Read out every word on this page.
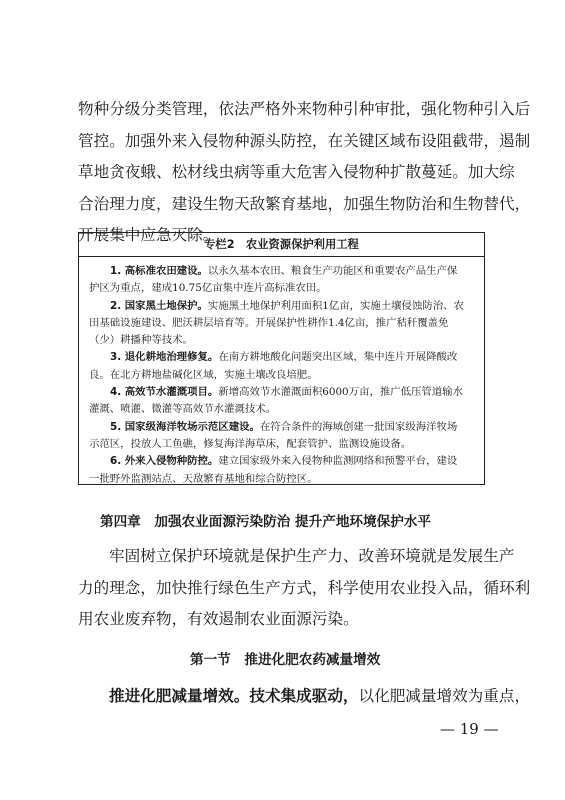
物种分级分类管理，依法严格外来物种引种审批，强化物种引入后
管控。加强外来入侵物种源头防控，在关键区域布设阻截带，遏制
草地贪夜蛾、松材线虫病等重大危害入侵物种扩散蔓延。加大综
合治理力度，建设生物天敌繁育基地，加强生物防治和生物替代，
开展集中应急灭除。
专栏2　农业资源保护利用工程
1. 高标准农田建设。以永久基本农田、粮食生产功能区和重要农产品生产保
护区为重点，建成10.75亿亩集中连片高标准农田。
2. 国家黑土地保护。实施黑土地保护利用面积1亿亩，实施土壤侵蚀防治、农
田基础设施建设、肥沃耕层培育等。开展保护性耕作1.4亿亩，推广秸秆覆盖免
（少）耕播种等技术。
3. 退化耕地治理修复。在南方耕地酸化问题突出区域，集中连片开展降酸改
良。在北方耕地盐碱化区域，实施土壤改良培肥。
4. 高效节水灌溉项目。新增高效节水灌溉面积6000万亩，推广低压管道输水
灌溉、喷灌、微灌等高效节水灌溉技术。
5. 国家级海洋牧场示范区建设。在符合条件的海域创建一批国家级海洋牧场
示范区，投放人工鱼礁，修复海洋海草床，配套管护、监测设施设备。
6. 外来入侵物种防控。建立国家级外来入侵物种监测网络和预警平台，建设
一批野外监测站点、天敌繁育基地和综合防控区。
第四章　加强农业面源污染防治 提升产地环境保护水平
牢固树立保护环境就是保护生产力、改善环境就是发展生产
力的理念，加快推行绿色生产方式，科学使用农业投入品，循环利
用农业废弃物，有效遏制农业面源污染。
第一节　推进化肥农药减量增效
推进化肥减量增效。技术集成驱动，以化肥减量增效为重点，
— 19 —
